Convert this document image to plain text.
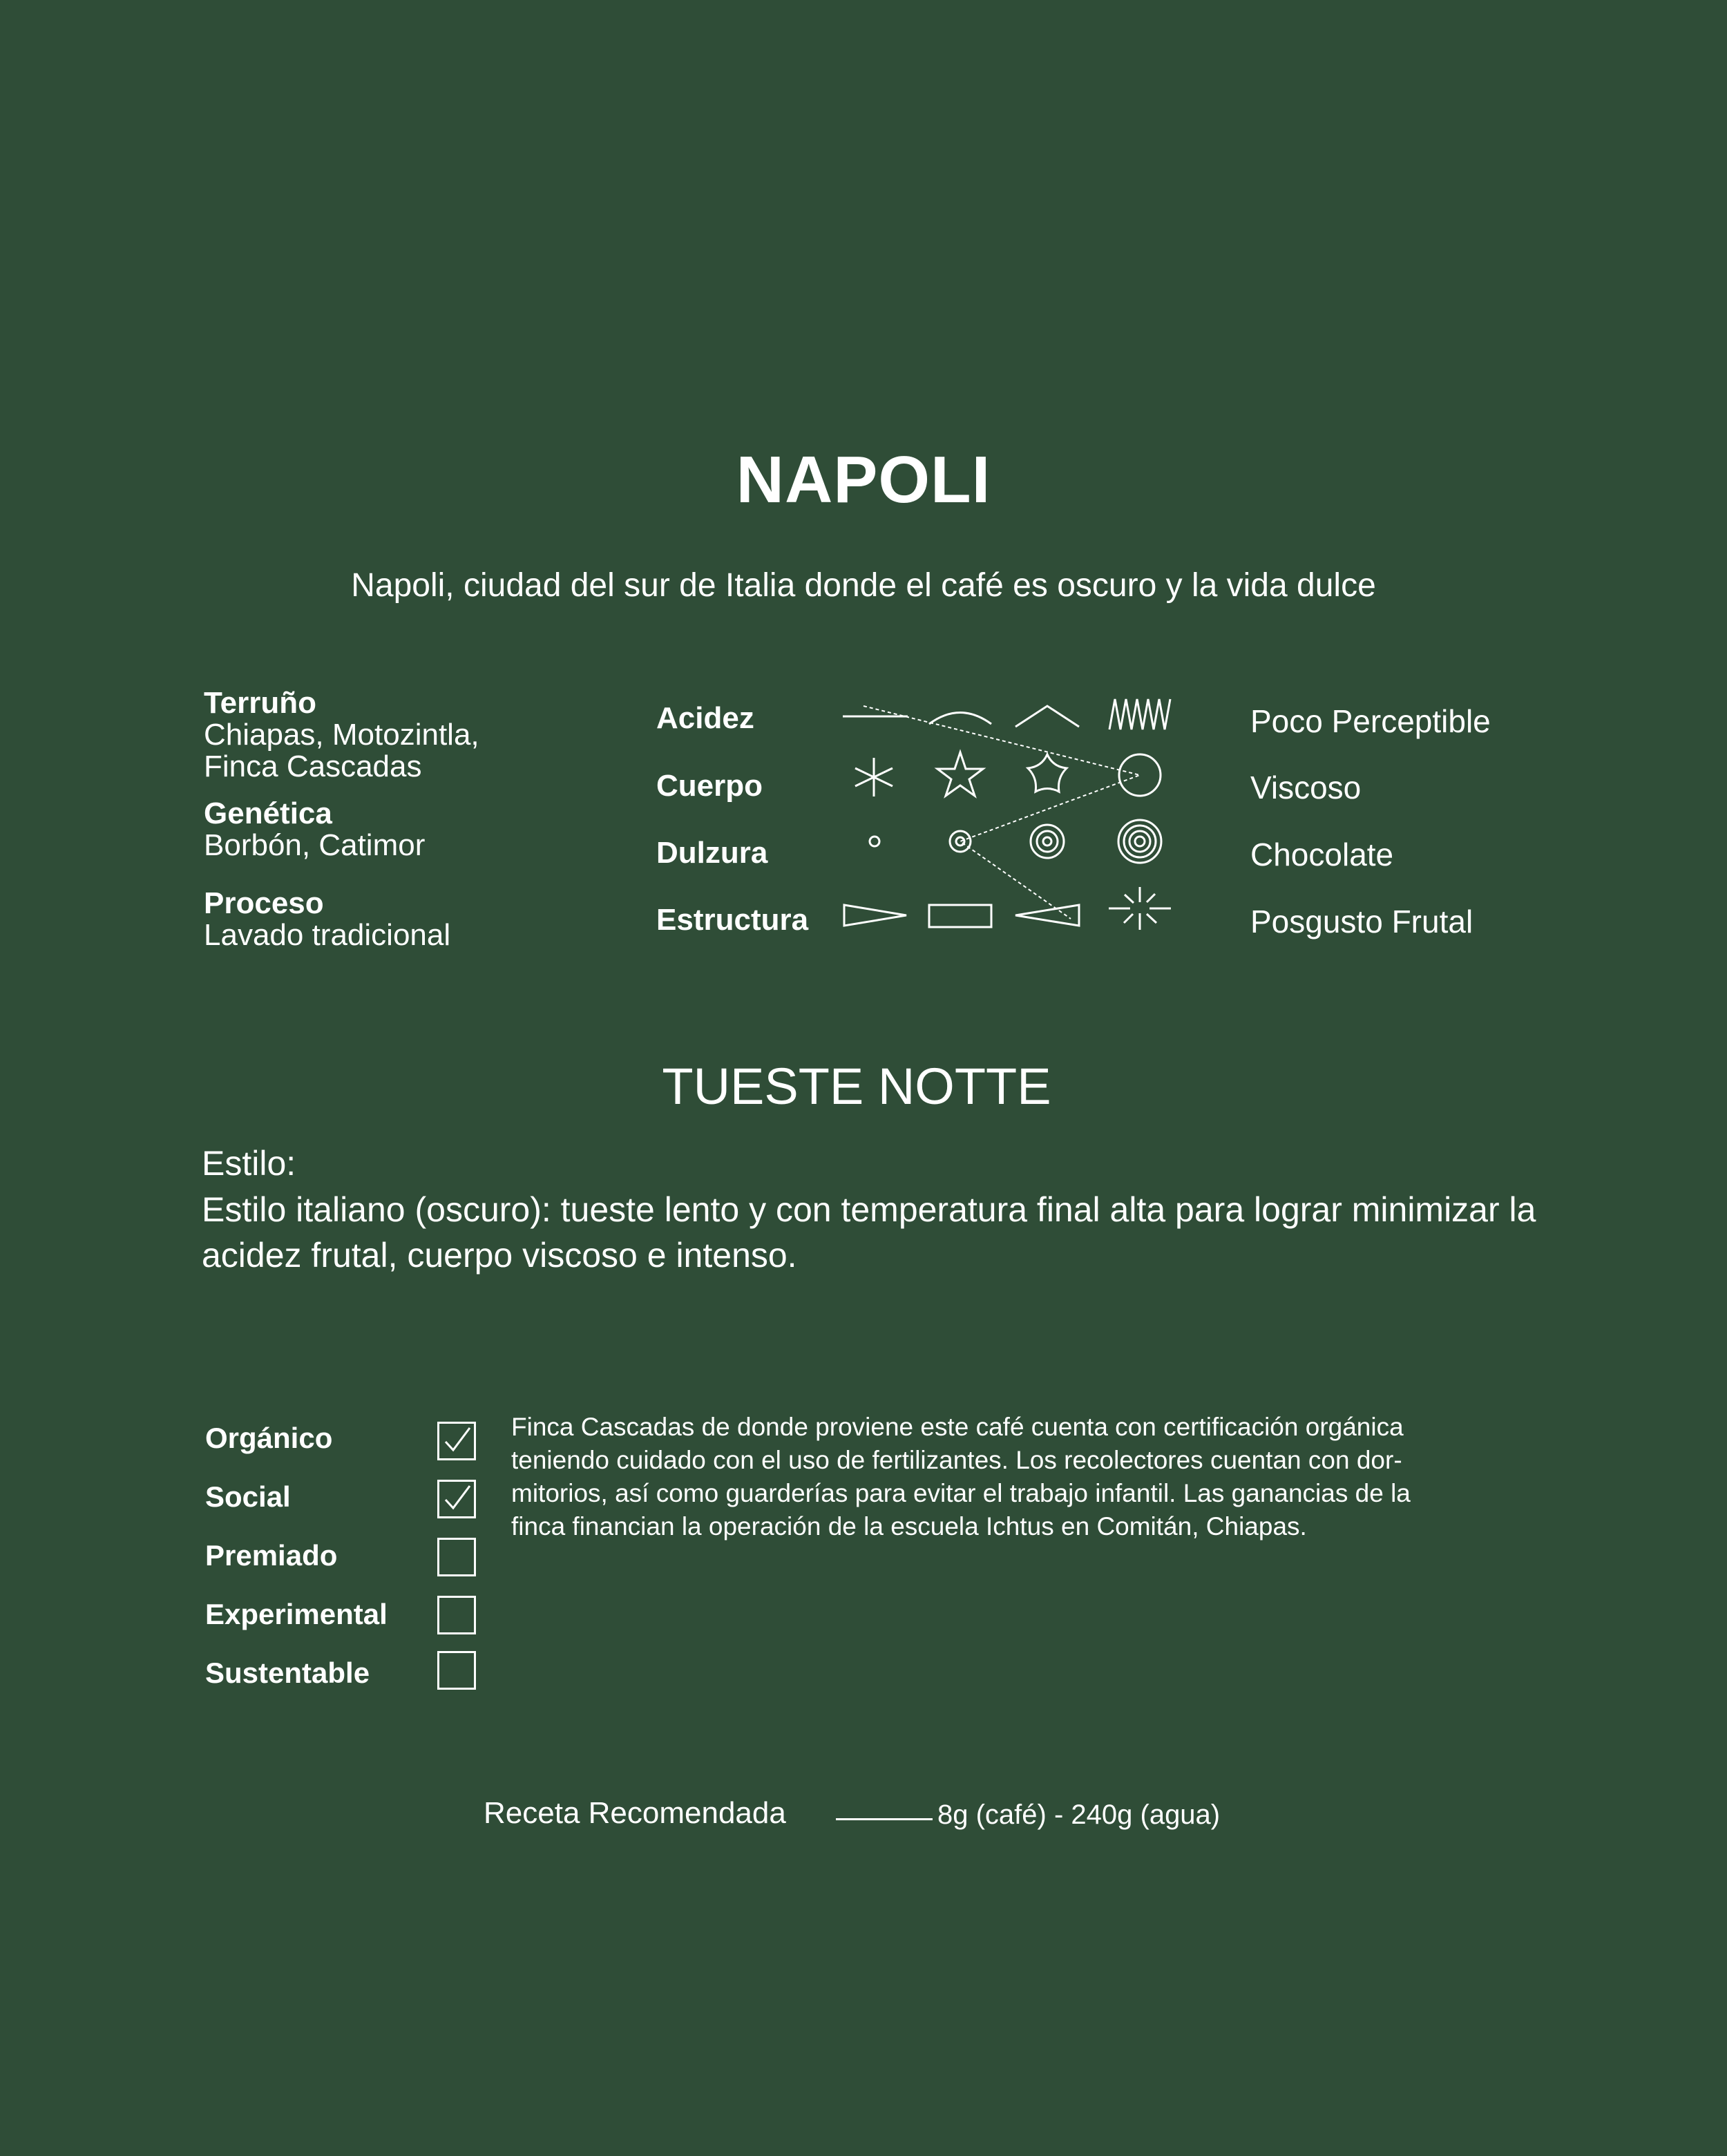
NAPOLI
Napoli, ciudad del sur de Italia donde el café es oscuro y la vida dulce
Terruño
Chiapas, Motozintla,
Finca Cascadas
Genética
Borbón, Catimor
Proceso
Lavado tradicional
Acidez
Cuerpo
Dulzura
Estructura
Poco Perceptible
Viscoso
Chocolate
Posgusto Frutal
TUESTE NOTTE
Estilo:
Estilo italiano (oscuro): tueste lento y con temperatura final alta para lograr minimizar la acidez frutal, cuerpo viscoso e intenso.
Orgánico
Social
Premiado
Experimental
Sustentable
Finca Cascadas de donde proviene este café cuenta con certificación orgánica
teniendo cuidado con el uso de fertilizantes. Los recolectores cuentan con dor-
mitorios, así como guarderías para evitar el trabajo infantil. Las ganancias de la
finca financian la operación de la escuela Ichtus en Comitán, Chiapas.
Receta Recomendada	8g (café) - 240g (agua)
